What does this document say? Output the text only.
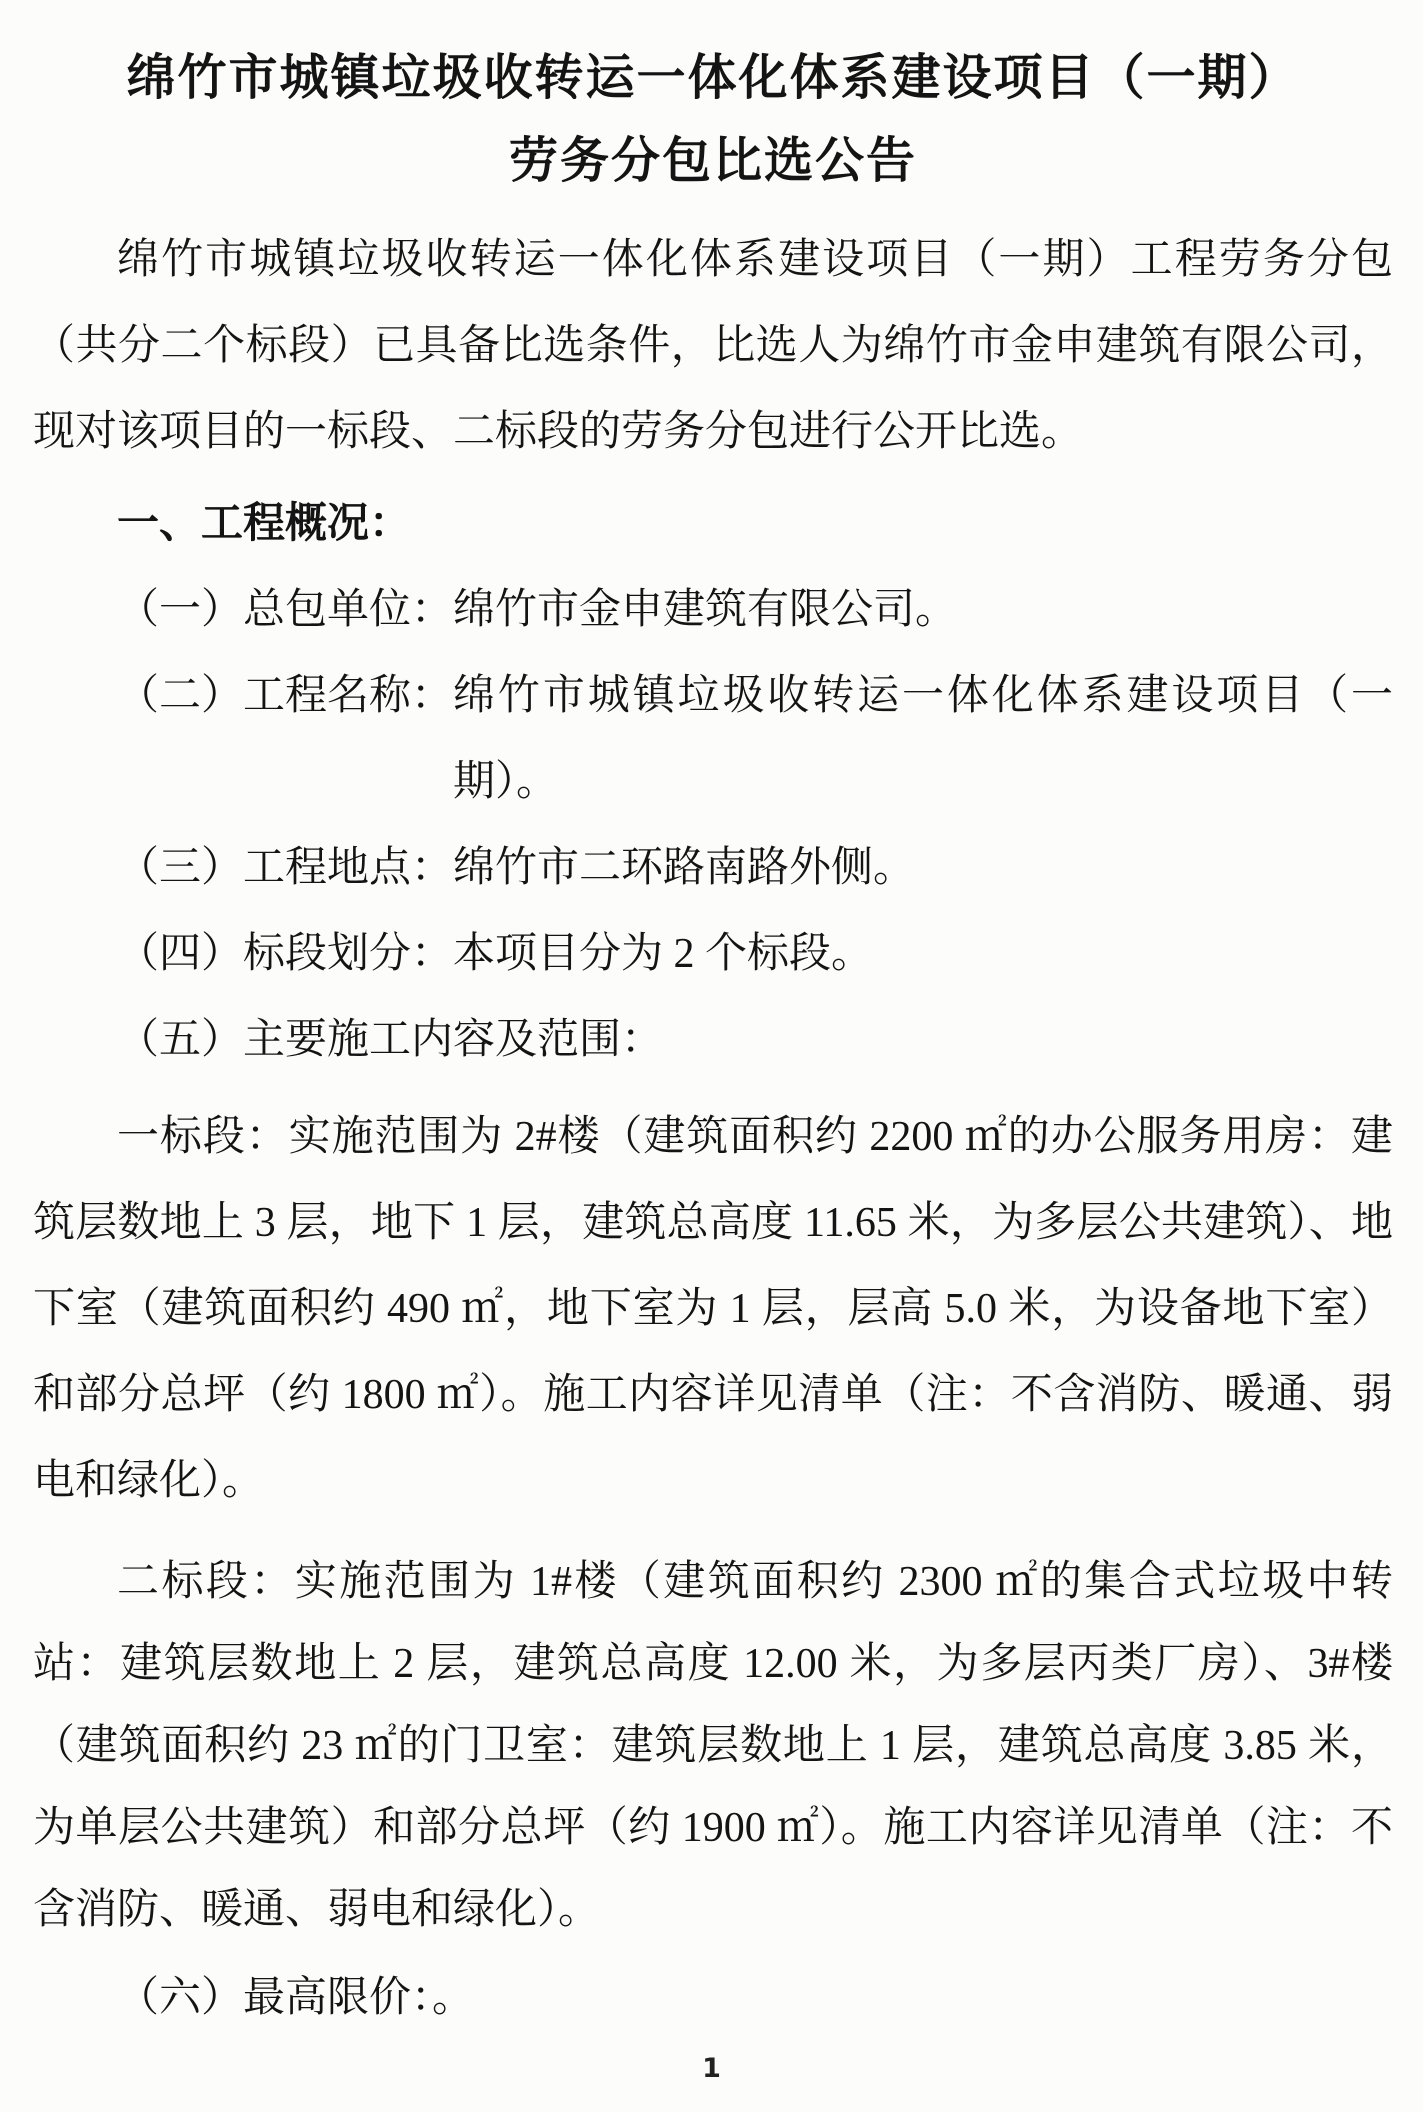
绵竹市城镇垃圾收转运一体化体系建设项目（一期）
劳务分包比选公告

绵竹市城镇垃圾收转运一体化体系建设项目（一期）工程劳务分包（共分二个标段）已具备比选条件，比选人为绵竹市金申建筑有限公司，现对该项目的一标段、二标段的劳务分包进行公开比选。

一、工程概况：

（一）总包单位：绵竹市金申建筑有限公司。

（二）工程名称： 绵竹市城镇垃圾收转运一体化体系建设项目（一期）。

（三）工程地点：绵竹市二环路南路外侧。

（四）标段划分：本项目分为 2 个标段。

（五）主要施工内容及范围：

一标段：实施范围为 2#楼（建筑面积约 2200 ㎡的办公服务用房：建筑层数地上 3 层，地下 1 层，建筑总高度 11.65 米，为多层公共建筑）、地下室（建筑面积约 490 ㎡，地下室为 1 层，层高 5.0 米，为设备地下室）和部分总坪（约 1800 ㎡）。施工内容详见清单（注：不含消防、暖通、弱电和绿化）。

二标段：实施范围为 1#楼（建筑面积约 2300 ㎡的集合式垃圾中转站：建筑层数地上 2 层，建筑总高度 12.00 米，为多层丙类厂房）、3#楼（建筑面积约 23 ㎡的门卫室：建筑层数地上 1 层，建筑总高度 3.85 米，为单层公共建筑）和部分总坪（约 1900 ㎡）。施工内容详见清单（注：不含消防、暖通、弱电和绿化）。

（六）最高限价：。

1
